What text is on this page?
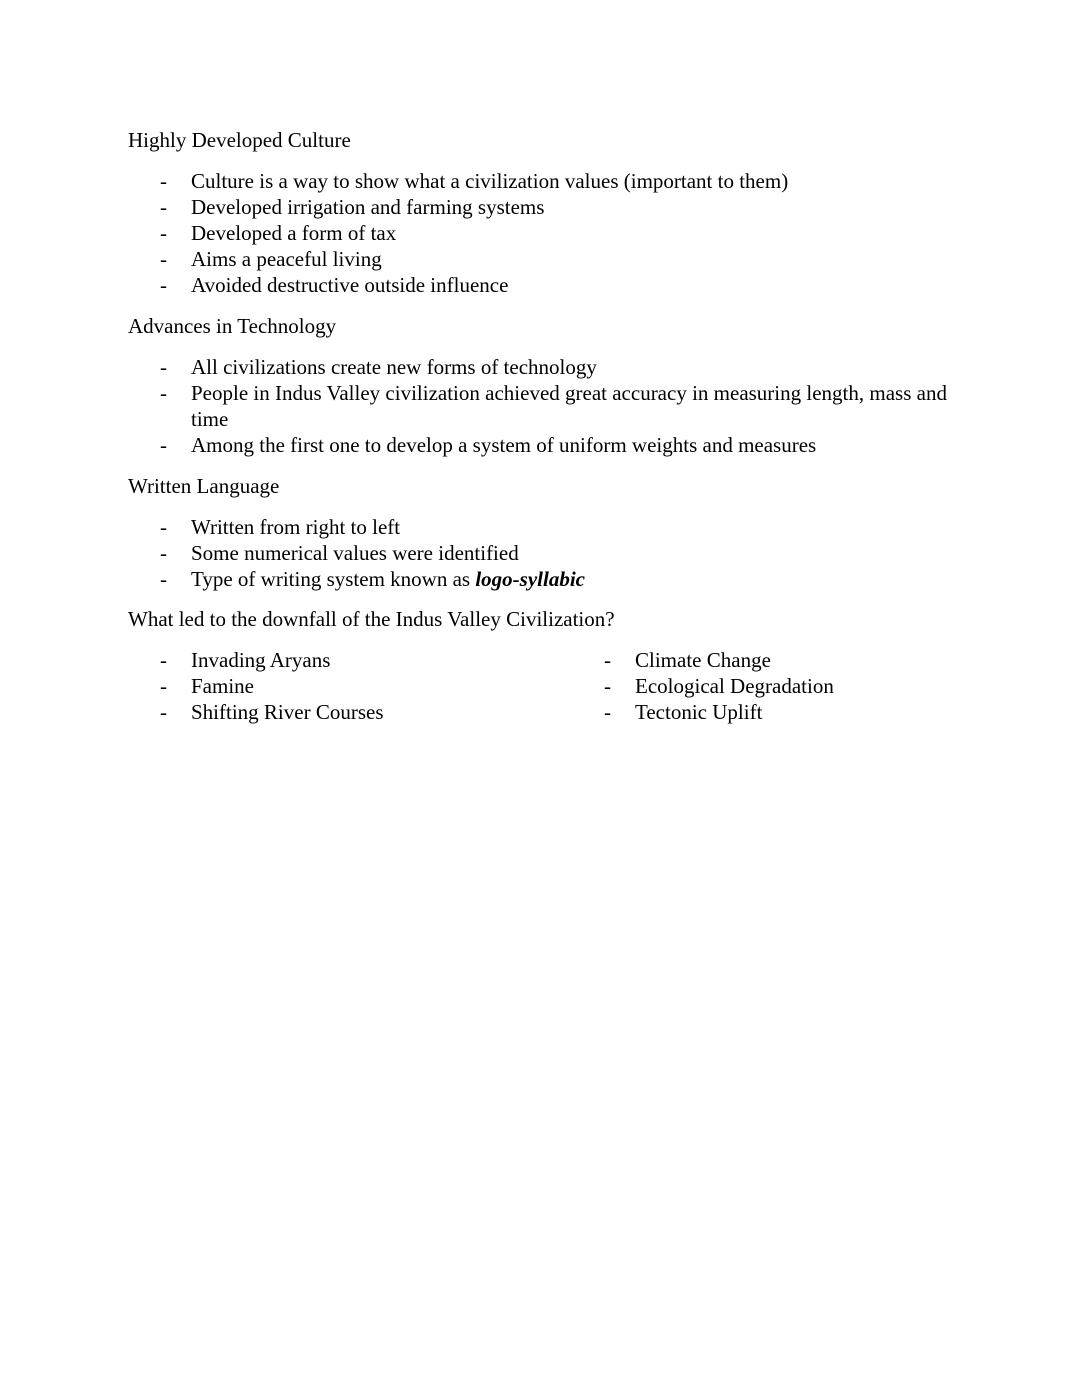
Highly Developed Culture
- Culture is a way to show what a civilization values (important to them)
- Developed irrigation and farming systems
- Developed a form of tax
- Aims a peaceful living
- Avoided destructive outside influence
Advances in Technology
- All civilizations create new forms of technology
- People in Indus Valley civilization achieved great accuracy in measuring length, mass and time
- Among the first one to develop a system of uniform weights and measures
Written Language
- Written from right to left
- Some numerical values were identified
- Type of writing system known as logo-syllabic
What led to the downfall of the Indus Valley Civilization?
- Invading Aryans
- Famine
- Shifting River Courses
- Climate Change
- Ecological Degradation
- Tectonic Uplift
